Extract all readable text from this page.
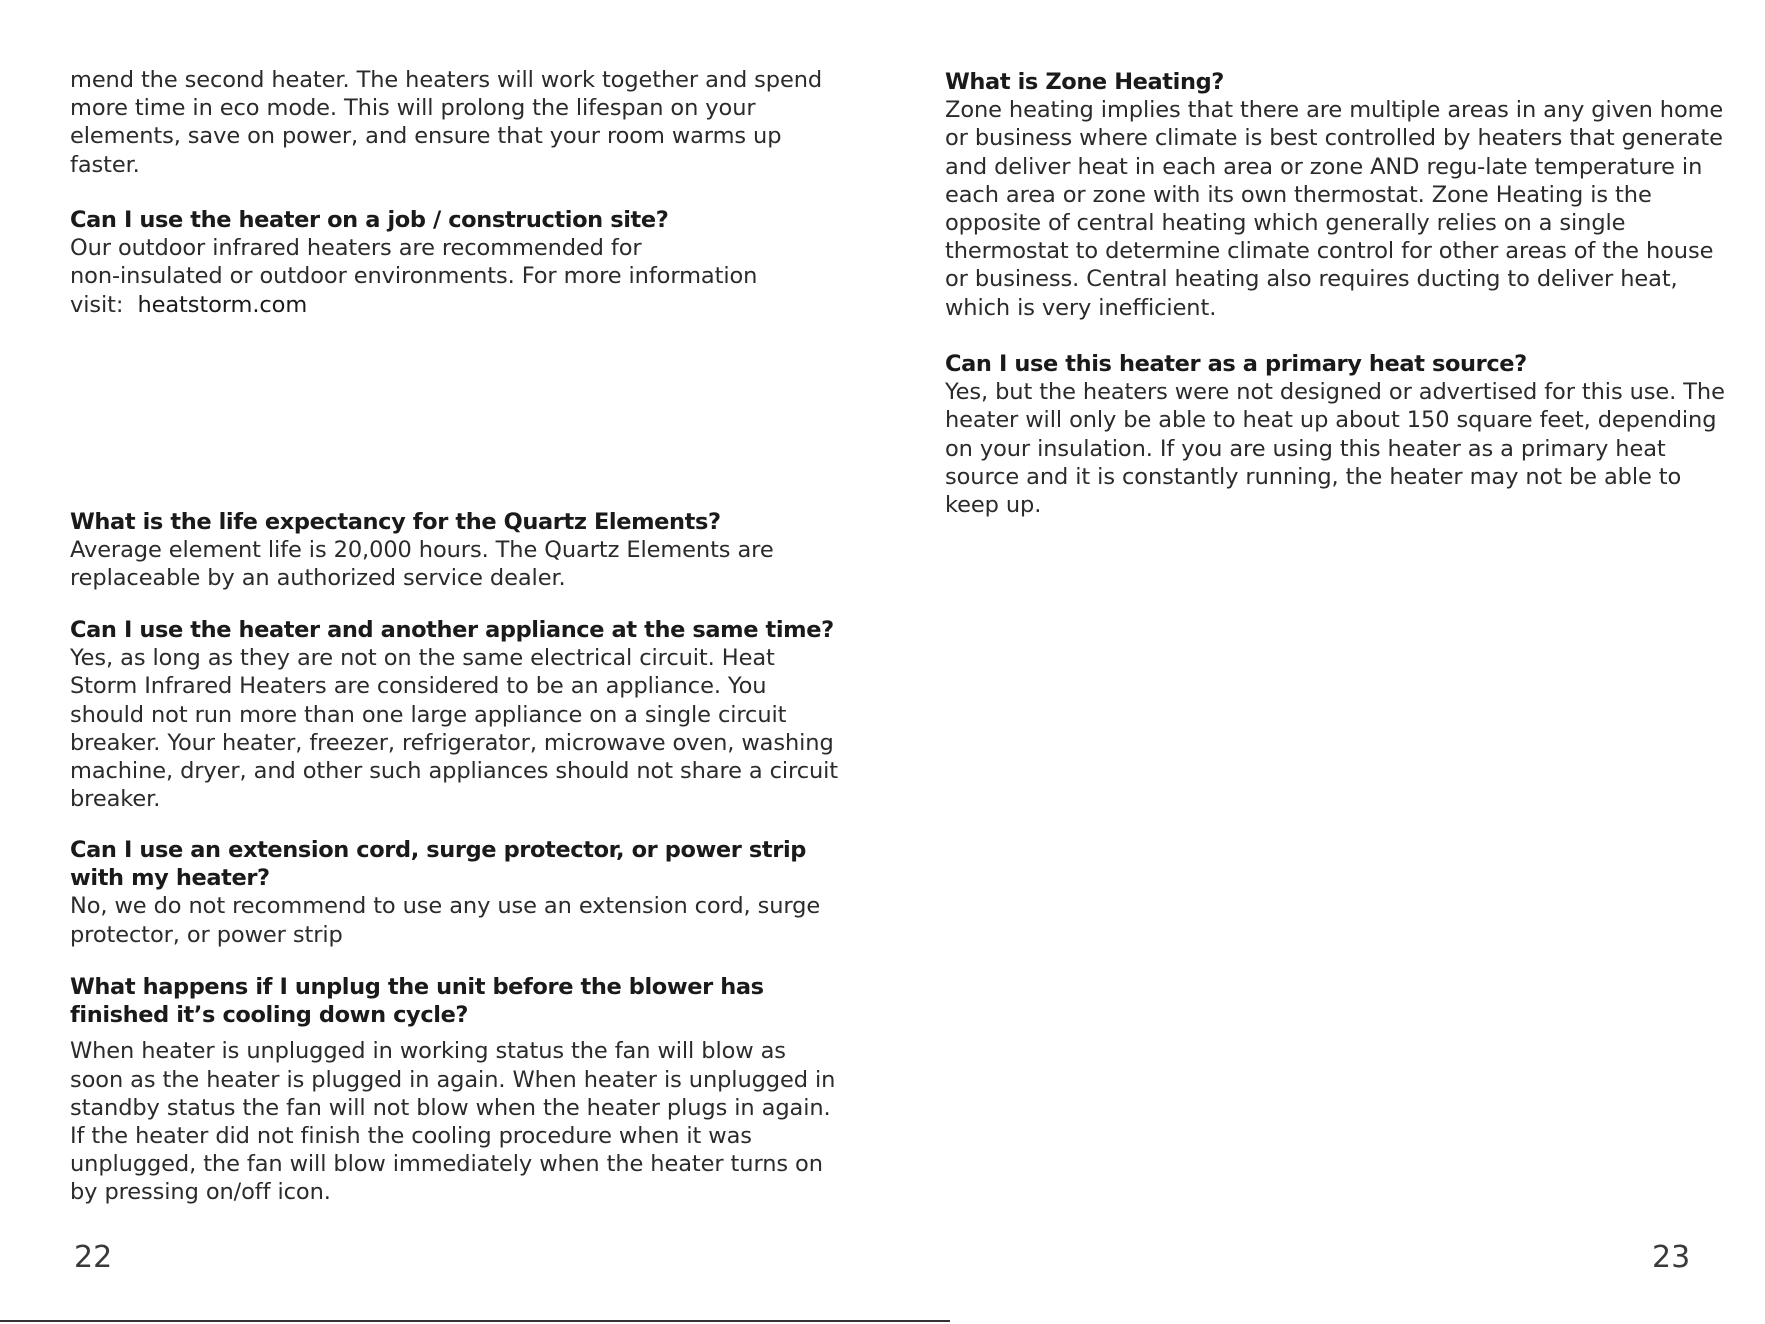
mend the second heater. The heaters will work together and spend more time in eco mode. This will prolong the lifespan on your elements, save on power, and ensure that your room warms up faster.

Can I use the heater on a job / construction site?

Our outdoor infrared heaters are recommended for

non-insulated or outdoor environments. For more information

visit:  heatstorm.com

What is the life expectancy for the Quartz Elements?

Average element life is 20,000 hours. The Quartz Elements are replaceable by an authorized service dealer.

Can I use the heater and another appliance at the same time?

Yes, as long as they are not on the same electrical circuit. Heat Storm Infrared Heaters are considered to be an appliance. You should not run more than one large appliance on a single circuit breaker. Your heater, freezer, refrigerator, microwave oven, washing machine, dryer, and other such appliances should not share a circuit breaker.

Can I use an extension cord, surge protector, or power strip with my heater?

No, we do not recommend to use any use an extension cord, surge protector, or power strip

What happens if I unplug the unit before the blower has finished it’s cooling down cycle?

When heater is unplugged in working status the fan will blow as soon as the heater is plugged in again. When heater is unplugged in standby status the fan will not blow when the heater plugs in again. If the heater did not finish the cooling procedure when it was unplugged, the fan will blow immediately when the heater turns on by pressing on/off icon.

22

What is Zone Heating?

Zone heating implies that there are multiple areas in any given home or business where climate is best controlled by heaters that generate and deliver heat in each area or zone AND regu-late temperature in each area or zone with its own thermostat. Zone Heating is the opposite of central heating which generally relies on a single thermostat to determine climate control for other areas of the house or business. Central heating also requires ducting to deliver heat, which is very inefficient.

Can I use this heater as a primary heat source?

Yes, but the heaters were not designed or advertised for this use. The heater will only be able to heat up about 150 square feet, depending on your insulation. If you are using this heater as a primary heat source and it is constantly running, the heater may not be able to keep up.

23
